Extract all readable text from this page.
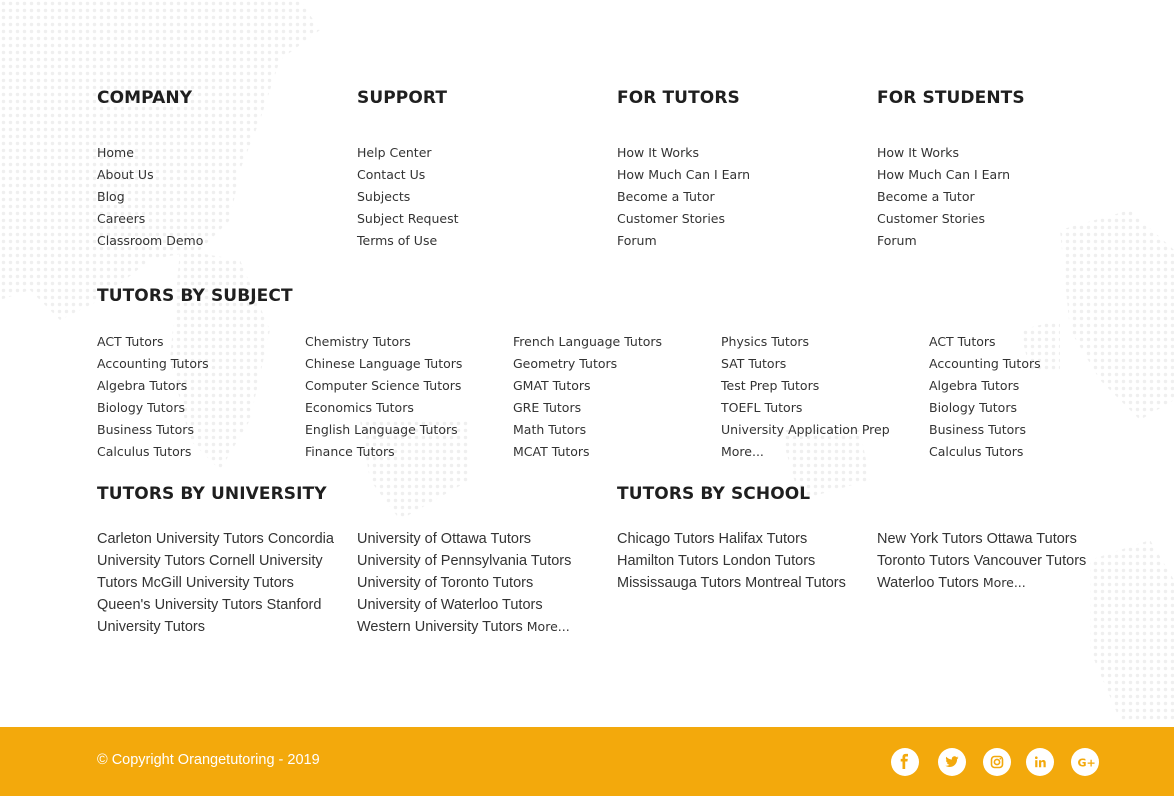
COMPANY
Home
About Us
Blog
Careers
Classroom Demo
SUPPORT
Help Center
Contact Us
Subjects
Subject Request
Terms of Use
FOR TUTORS
How It Works
How Much Can I Earn
Become a Tutor
Customer Stories
Forum
FOR STUDENTS
How It Works
How Much Can I Earn
Become a Tutor
Customer Stories
Forum
TUTORS BY SUBJECT
ACT Tutors
Accounting Tutors
Algebra Tutors
Biology Tutors
Business Tutors
Calculus Tutors
Chemistry Tutors
Chinese Language Tutors
Computer Science Tutors
Economics Tutors
English Language Tutors
Finance Tutors
French Language Tutors
Geometry Tutors
GMAT Tutors
GRE Tutors
Math Tutors
MCAT Tutors
Physics Tutors
SAT Tutors
Test Prep Tutors
TOEFL Tutors
University Application Prep
More...
ACT Tutors
Accounting Tutors
Algebra Tutors
Biology Tutors
Business Tutors
Calculus Tutors
TUTORS BY UNIVERSITY
Carleton University Tutors Concordia
University Tutors Cornell University
Tutors McGill University Tutors
Queen's University Tutors Stanford
University Tutors
University of Ottawa Tutors
University of Pennsylvania Tutors
University of Toronto Tutors
University of Waterloo Tutors
Western University Tutors More...
TUTORS BY SCHOOL
Chicago Tutors Halifax Tutors
Hamilton Tutors London Tutors
Mississauga Tutors Montreal Tutors
New York Tutors Ottawa Tutors
Toronto Tutors Vancouver Tutors
Waterloo Tutors More...
© Copyright Orangetutoring - 2019	G+
